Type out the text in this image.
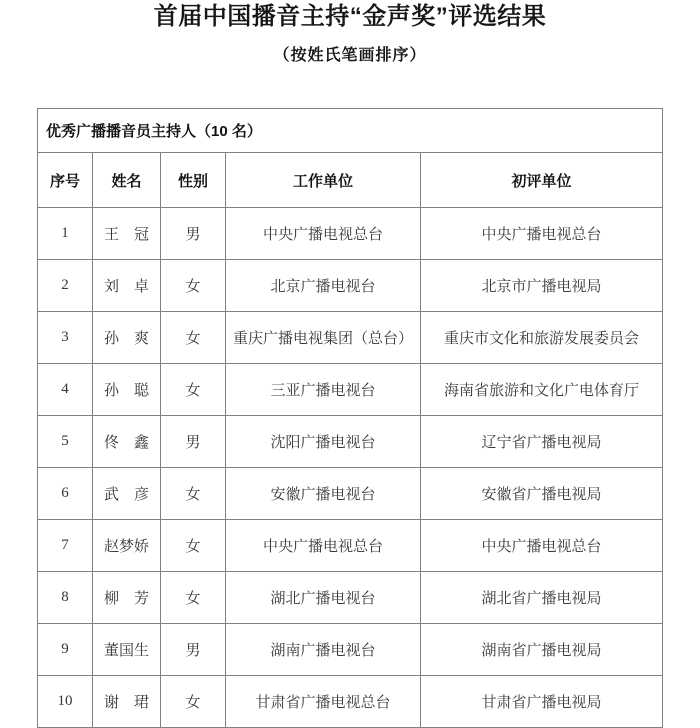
首届中国播音主持“金声奖”评选结果
（按姓氏笔画排序）
优秀广播播音员主持人（10 名）				
序号	姓名	性别	工作单位	初评单位
1	王　冠	男	中央广播电视总台	中央广播电视总台
2	刘　卓	女	北京广播电视台	北京市广播电视局
3	孙　爽	女	重庆广播电视集团（总台）	重庆市文化和旅游发展委员会
4	孙　聪	女	三亚广播电视台	海南省旅游和文化广电体育厅
5	佟　鑫	男	沈阳广播电视台	辽宁省广播电视局
6	武　彦	女	安徽广播电视台	安徽省广播电视局
7	赵梦娇	女	中央广播电视总台	中央广播电视总台
8	柳　芳	女	湖北广播电视台	湖北省广播电视局
9	董国生	男	湖南广播电视台	湖南省广播电视局
10	谢　珺	女	甘肃省广播电视总台	甘肃省广播电视局
